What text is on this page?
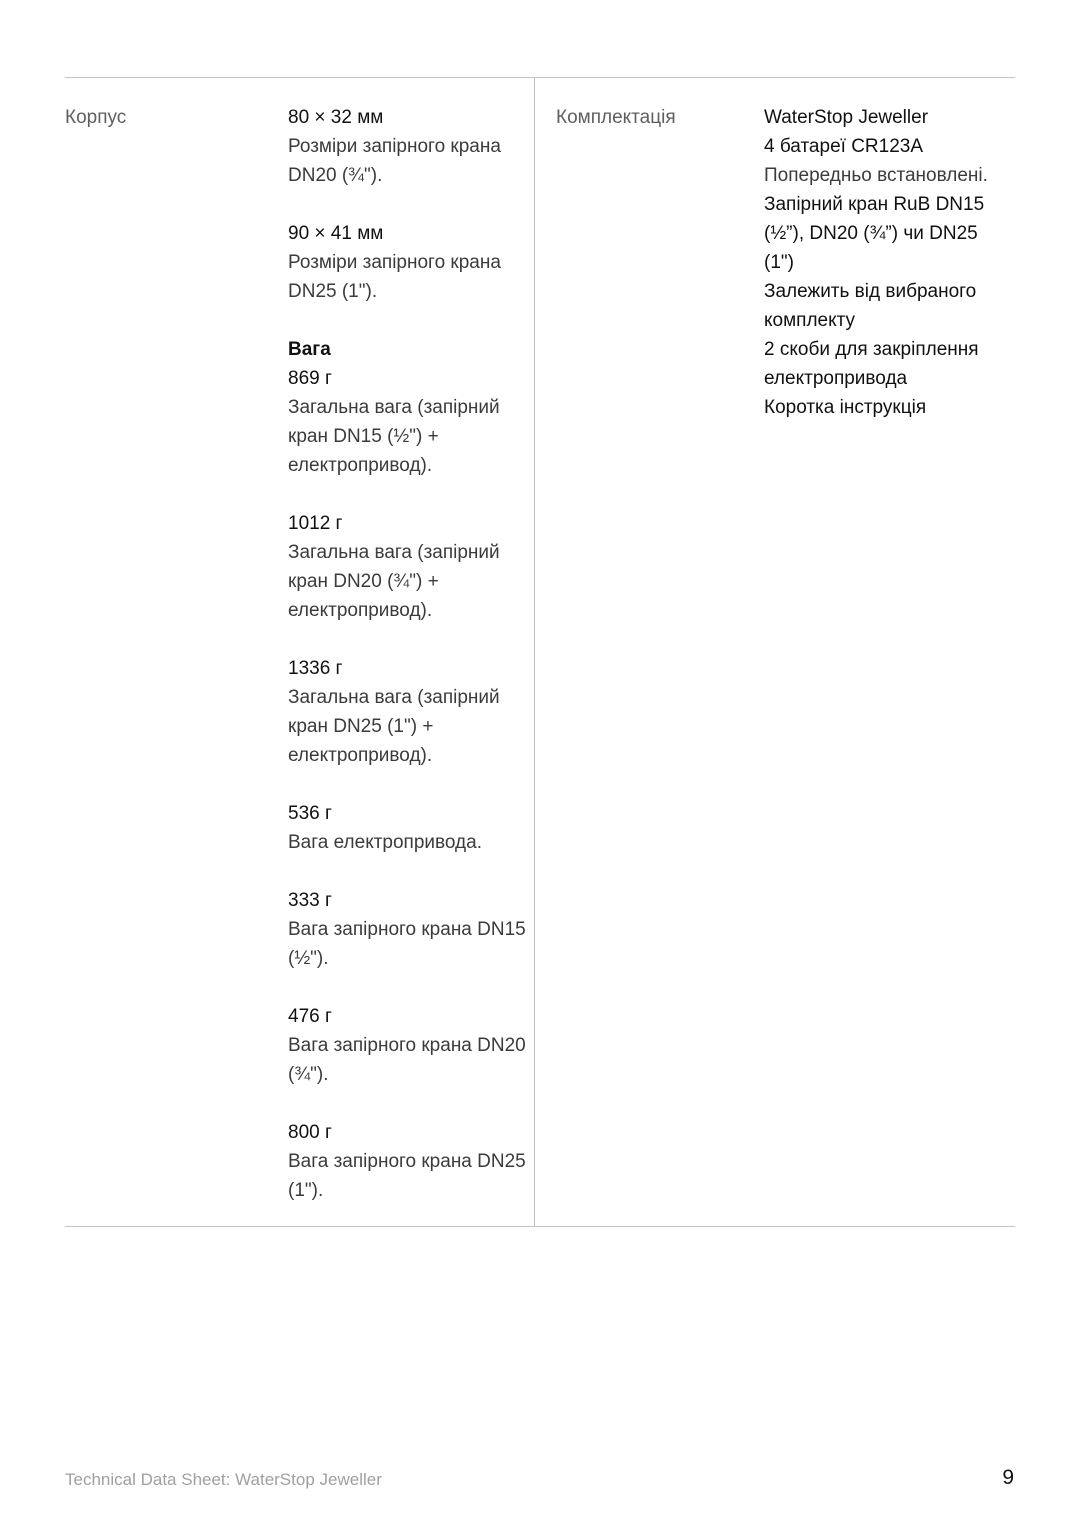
Корпус	80 × 32 мм
Розміри запірного крана DN20 (¾").
90 × 41 мм
Розміри запірного крана DN25 (1").
Вага
869 г
Загальна вага (запірний кран DN15 (½") + електропривод).
1012 г
Загальна вага (запірний кран DN20 (¾") + електропривод).
1336 г
Загальна вага (запірний кран DN25 (1") + електропривод).
536 г
Вага електропривода.
333 г
Вага запірного крана DN15 (½").
476 г
Вага запірного крана DN20 (¾").
800 г
Вага запірного крана DN25 (1").
Комплектація	WaterStop Jeweller
4 батареї CR123A
Попередньо встановлені.
Запірний кран RuB DN15 (½”), DN20 (¾”) чи DN25 (1")
Залежить від вибраного комплекту
2 скоби для закріплення електропривода
Коротка інструкція
Technical Data Sheet: WaterStop Jeweller	9
